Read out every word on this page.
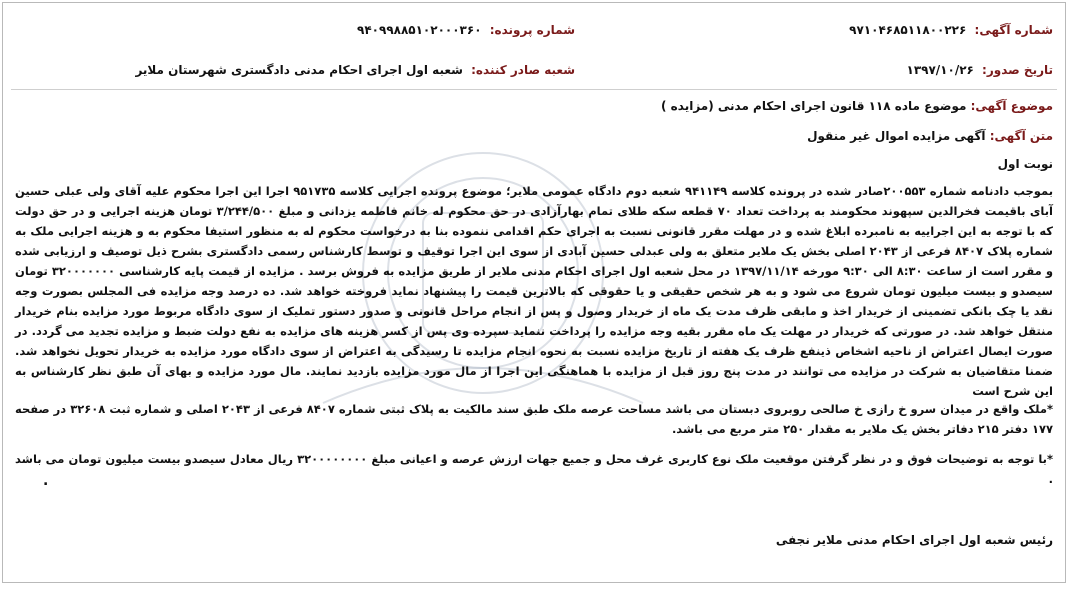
شماره آگهی: ۹۷۱۰۴۶۸۵۱۱۸۰۰۲۲۶
شماره پرونده: ۹۴۰۹۹۸۸۵۱۰۲۰۰۰۳۶۰
تاریخ صدور: ۱۳۹۷/۱۰/۲۶
شعبه صادر کننده: شعبه اول اجرای احکام مدنی دادگستری شهرستان ملایر
موضوع آگهی: موضوع ماده ۱۱۸ قانون اجرای احکام مدنی (مزایده )
متن آگهی: آگهی مزایده اموال غیر منقول
نوبت اول
بموجب دادنامه شماره ۲۰۰۵۵۳صادر شده در پرونده کلاسه ۹۴۱۱۴۹ شعبه دوم دادگاه عمومی ملایر؛ موضوع پرونده اجرایی کلاسه ۹۵۱۷۳۵ اجرا این اجرا محکوم علیه آقای ولی عبلی حسین آبای باقیمت فخرالدین سپهوند محکومند به پرداخت تعداد ۷۰ قطعه سکه طلای تمام بهارآزادی در حق محکوم له خانم فاطمه یزدانی و مبلغ ۳/۲۴۴/۵۰۰ تومان هزینه اجرایی و در حق دولت که با توجه به این اجراییه به نامبرده ابلاغ شده و در مهلت مقرر قانونی نسبت به اجرای حکم اقدامی ننموده بنا به درخواست محکوم له به منظور استیفا محکوم به و هزینه اجرایی ملک به شماره پلاک ۸۴۰۷ فرعی از ۲۰۴۳ اصلی بخش یک ملایر متعلق به ولی عبدلی حسین آبادی از سوی این اجرا توقیف و توسط کارشناس رسمی دادگستری بشرح ذیل توصیف و ارزیابی شده و مقرر است از ساعت ۸:۳۰ الی ۹:۳۰ مورخه ۱۳۹۷/۱۱/۱۴ در محل شعبه اول اجرای احکام مدنی ملایر از طریق مزایده به فروش برسد . مزایده از قیمت پایه کارشناسی ۳۲۰۰۰۰۰۰۰ تومان سیصدو و بیست میلیون تومان شروع می شود و به هر شخص حقیقی و یا حقوقی که بالاترین قیمت را پیشنهاد نماید فروخته خواهد شد. ده درصد وجه مزایده فی المجلس بصورت وجه نقد یا چک بانکی تضمینی از خریدار اخذ و مابقی ظرف مدت یک ماه از خریدار وصول و پس از انجام مراحل قانونی و صدور دستور تملیک از سوی دادگاه مربوط مورد مزایده بنام خریدار منتقل خواهد شد. در صورتی که خریدار در مهلت یک ماه مقرر بقیه وجه مزایده را پرداخت ننماید سپرده وی پس از کسر هزینه های مزایده به نفع دولت ضبط و مزایده تجدید می گردد. در صورت ایصال اعتراض از ناحیه اشخاص ذینفع ظرف یک هفته از تاریخ مزایده نسبت به نحوه انجام مزایده تا رسیدگی به اعتراض از سوی دادگاه مورد مزایده به خریدار تحویل نخواهد شد. ضمنا متقاضیان به شرکت در مزایده می توانند در مدت پنج روز قبل از مزایده با هماهنگی این اجرا از مال مورد مزایده بازدید نمایند. مال مورد مزایده و بهای آن طبق نظر کارشناس به این شرح است
*ملک واقع در میدان سرو خ رازی خ صالحی روبروی دبستان می باشد مساحت عرصه ملک طبق سند مالکیت به پلاک ثبتی شماره ۸۴۰۷ فرعی از ۲۰۴۳ اصلی و شماره ثبت ۳۲۶۰۸ در صفحه ۱۷۷ دفتر ۲۱۵ دفاتر بخش یک ملایر به مقدار ۲۵۰ متر مربع می باشد.
*با توجه به توضیحات فوق و در نظر گرفتن موقعیت ملک نوع کاربری غرف محل و جمیع جهات ارزش عرصه و اعیانی مبلغ ۳۲۰۰۰۰۰۰۰۰ ریال معادل سیصدو بیست میلیون تومان می باشد .
.
رئیس شعبه اول اجرای احکام مدنی ملایر نجفی
